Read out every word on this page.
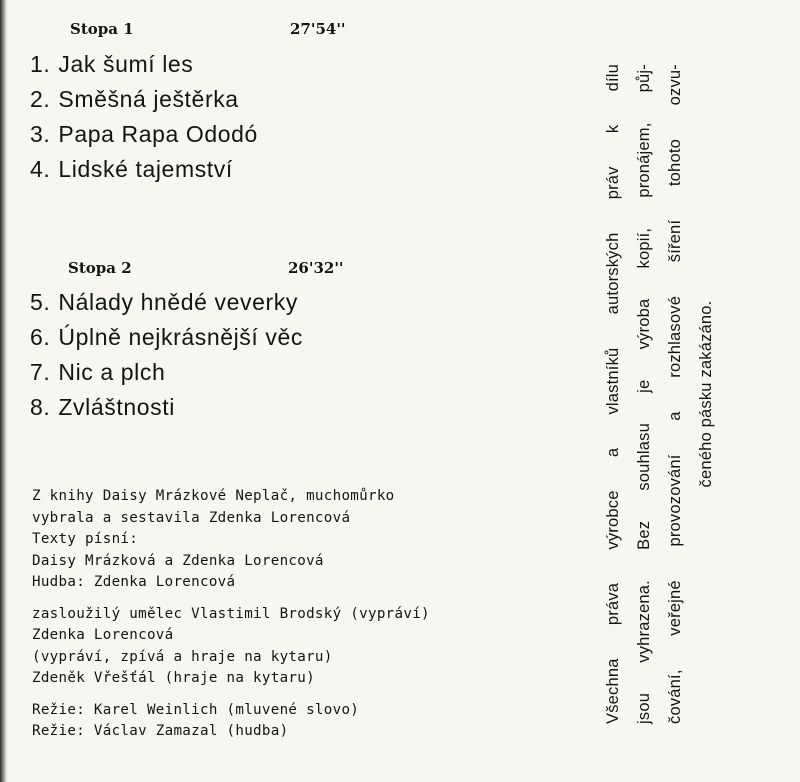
Stopa 1	27'54''
1. Jak šumí les
2. Směšná ještěrka
3. Papa Rapa Ododó
4. Lidské tajemství
Stopa 2	26'32''
5. Nálady hnědé veverky
6. Úplně nejkrásnější věc
7. Nic a plch
8. Zvláštnosti
Z knihy Daisy Mrázkové Neplač, muchomůrko
vybrala a sestavila Zdenka Lorencová
Texty písní:
Daisy Mrázková a Zdenka Lorencová
Hudba: Zdenka Lorencová
zasloužilý umělec Vlastimil Brodský (vypráví)
Zdenka Lorencová
(vypráví, zpívá a hraje na kytaru)
Zdeněk Vřešťál (hraje na kytaru)
Režie: Karel Weinlich (mluvené slovo)
Režie: Václav Zamazal (hudba)
Všechna práva výrobce a vlastníků autorských práv k dílu jsou vyhrazena. Bez souhlasu je výroba kopií, pronájem, půj- čování, veřejné provozování a rozhlasové šíření tohoto ozvu- čeného pásku zakázáno.
